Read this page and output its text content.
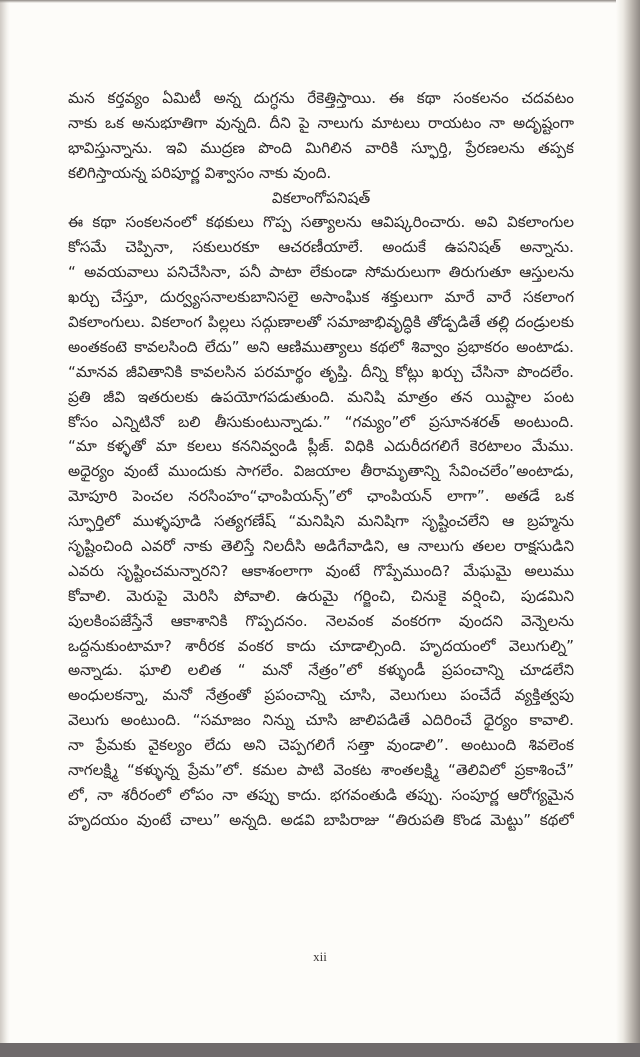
మన కర్తవ్యం ఏమిటీ అన్న దుగ్ధను రేకెత్తిస్తాయి. ఈ కథా సంకలనం చదవటం
నాకు ఒక అనుభూతిగా వున్నది. దీని పై నాలుగు మాటలు రాయటం నా అదృష్టంగా
భావిస్తున్నాను. ఇవి ముద్రణ పొంది మిగిలిన వారికి స్ఫూర్తి, ప్రేరణలను తప్పక
కలిగిస్తాయన్న పరిపూర్ణ విశ్వాసం నాకు వుంది.
వికలాంగోపనిషత్
ఈ కథా సంకలనంలో కథకులు గొప్ప సత్యాలను ఆవిష్కరించారు. అవి వికలాంగుల
కోసమే చెప్పినా, సకులురకూ ఆచరణీయాలే. అందుకే ఉపనిషత్ అన్నాను.
“ అవయవాలు పనిచేసినా, పనీ పాటా లేకుండా సోమరులుగా తిరుగుతూ ఆస్తులను
ఖర్చు చేస్తూ, దుర్వ్యసనాలకుబానిసలై అసాంఘిక శక్తులుగా మారే వారే సకలాంగ
వికలాంగులు. వికలాంగ పిల్లలు సద్గుణాలతో సమాజాభివృద్ధికి తోడ్పడితే తల్లి దండ్రులకు
అంతకంటె కావలసింది లేదు” అని ఆణిముత్యాలు కథలో శివ్వాం ప్రభాకరం అంటాడు.
“మానవ జీవితానికి కావలసిన పరమార్థం తృప్తి. దీన్ని కోట్లు ఖర్చు చేసినా పొందలేం.
ప్రతి జీవి ఇతరులకు ఉపయోగపడుతుంది. మనిషి మాత్రం తన యిష్టాల పంట
కోసం ఎన్నిటినో బలి తీసుకుంటున్నాడు.” “గమ్యం”లో ప్రసూనశరత్ అంటుంది.
“మా కళ్ళతో మా కలలు కననివ్వండి ప్లీజ్. విధికి ఎదురీదగలిగే కెరటాలం మేము.
అధైర్యం వుంటే ముందుకు సాగలేం. విజయాల తీరామృతాన్ని సేవించలేం”అంటాడు,
మోపూరి పెంచల నరసింహం“ఛాంపియన్స్”లో ఛాంపియన్ లాగా”. అతడే ఒక
స్ఫూర్తిలో ముళ్ళపూడి సత్యగణేష్ “మనిషిని మనిషిగా సృష్టించలేని ఆ బ్రహ్మను
సృష్టించింది ఎవరో నాకు తెలిస్తే నిలదీసి అడిగేవాడిని, ఆ నాలుగు తలల రాక్షసుడిని
ఎవరు సృష్టించమన్నారని? ఆకాశంలాగా వుంటే గొప్పేముంది? మేఘమై అలుము
కోవాలి. మెరుపై మెరిసి పోవాలి. ఉరుమై గర్జించి, చినుకై వర్షించి, పుడమిని
పులకింపజేస్తేనే ఆకాశానికి గొప్పదనం. నెలవంక వంకరగా వుందని వెన్నెలను
ఒద్దనుకుంటామా? శారీరక వంకర కాదు చూడాల్సింది. హృదయంలో వెలుగుల్ని”
అన్నాడు. ఘాలి లలిత “ మనో నేత్రం”లో కళ్ళుండీ ప్రపంచాన్ని చూడలేని
అంధులకన్నా, మనో నేత్రంతో ప్రపంచాన్ని చూసి, వెలుగులు పంచేదే వ్యక్తిత్వపు
వెలుగు అంటుంది. “సమాజం నిన్ను చూసి జాలిపడితే ఎదిరించే ధైర్యం కావాలి.
నా ప్రేమకు వైకల్యం లేదు అని చెప్పగలిగే సత్తా వుండాలి”. అంటుంది శివలెంక
నాగలక్ష్మి “కళ్ళున్న ప్రేమ”లో. కమల పాటి వెంకట శాంతలక్ష్మి “తెలివిలో ప్రకాశించే”
లో, నా శరీరంలో లోపం నా తప్పు కాదు. భగవంతుడి తప్పు. సంపూర్ణ ఆరోగ్యమైన
హృదయం వుంటే చాలు” అన్నది. అడవి బాపిరాజు “తిరుపతి కొండ మెట్టు” కథలో
xii
